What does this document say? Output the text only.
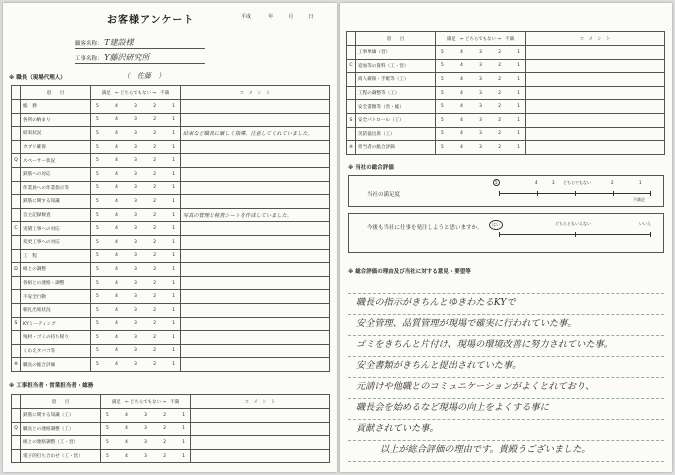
お客様アンケート	平成	年	月	日
顧客名称： T建設様
工事名称： Y藤沢研究所
※ 職長（現場代理人）	（　佐藤　）
	項　　目	満足　← どちらでもない →　不満	コ　メ　ン　ト
	総　務	5 4 3 2 1	

	各所の納まり	5 4 3 2 1	

	結束状況	5 4 3 2 1	結束など職長に厳しく指導、注意してくれていました。
	カブリ確保	5 4 3 2 1	

Q	スペーサー状況	5 4 3 2 1	

	鉄筋への対応	5 4 3 2 1	

	作業員への作業指示等	5 4 3 2 1	

	鉄筋に関する知識	5 4 3 2 1	

	自主記録検査	5 4 3 2 1	写真の管理と検査シートを作成していました。
C	実績工事への対応	5 4 3 2 1	

	変更工事への対応	5 4 3 2 1	

	工　程	5 4 3 2 1	

D	組との調整	5 4 3 2 1	

	各組との連絡・調整	5 4 3 2 1	

	不安全行動	5 4 3 2 1	

	朝礼出席状況	5 4 3 2 1	

S	KYミーティング	5 4 3 2 1	

	残材・ゴミの持ち帰り	5 4 3 2 1	

	くわえタバコ等	5 4 3 2 1	

※	職長の総合評価	5 4 3 2 1	

※ 工事担当者・営業担当者・総務
	項　　目	満足　← どちらでもない →　不満	コ　メ　ン　ト
	鉄筋に関する知識（工）	5 4 3 2 1	

Q	職長との連絡調整（工）	5 4 3 2 1	

	組との連絡調整（工・営）	5 4 3 2 1	

	電子的打ち合わせ（工・営）	5 4 3 2 1	

	項　　目	満足　← どちらでもない →　不満	コ　メ　ン　ト
	工事単価（営）	5 4 3 2 1	

C	追加等の資料（工・営）	5 4 3 2 1	

	商人確保・手配等（工）	5 4 3 2 1	

	工程の調整等（工）	5 4 3 2 1	

	安全書類等（営・総）	5 4 3 2 1	

S	安全パトロール（工）	5 4 3 2 1	

	災防協出席（工）	5 4 3 2 1	

※	担当者の総合評価	5 4 3 2 1	

※ 当社の総合評価
当社の満足度
5	4	3 どちらでもない	2	1
不満足
今後も当社に仕事を発注しようと思いますか。
はい	どちらともいえない	いいえ
※ 総合評価の理由及び当社に対する意見・要望等
職長の指示がきちんとゆきわたるKYで
安全管理、品質管理が現場で確実に行われていた事。
ゴミをきちんと片付け、現場の環境改善に努力されていた事。
安全書類がきちんと提出されていた事。
元請けや他職とのコミュニケーションがよくとれており、
職長会を始めるなど現場の向上をよくする事に
貢献されていた事。
以上が総合評価の理由です。貴殿うございました。
